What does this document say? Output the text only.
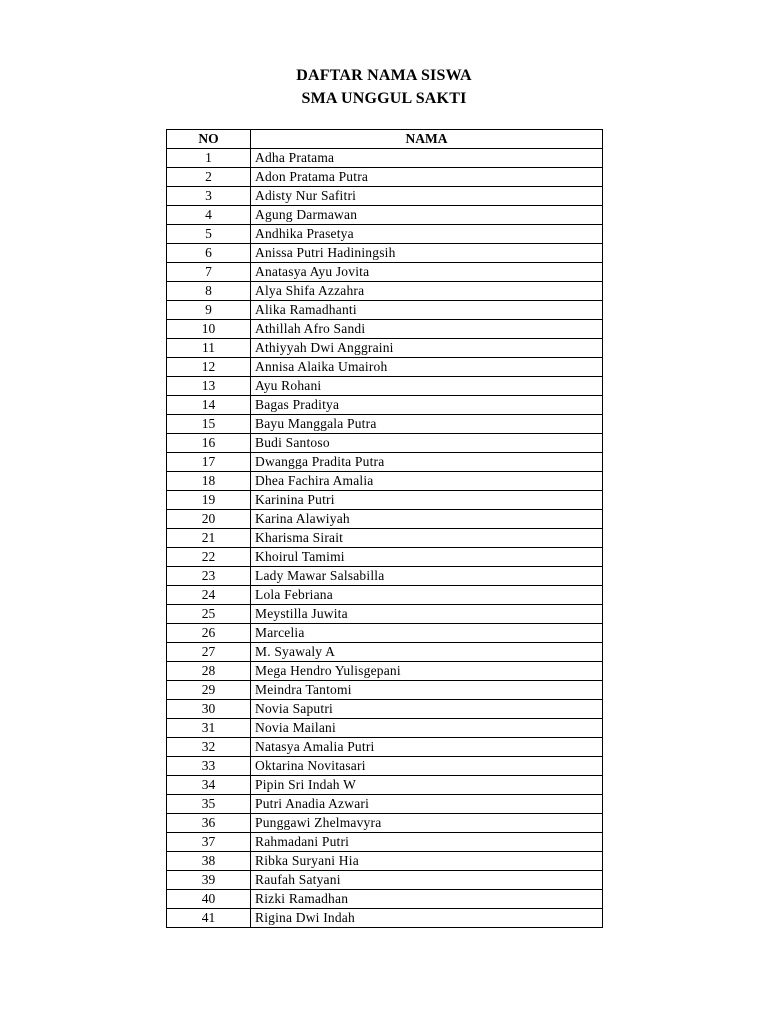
DAFTAR NAMA SISWA
SMA UNGGUL SAKTI
NO	NAMA
1	Adha Pratama
2	Adon Pratama Putra
3	Adisty Nur Safitri
4	Agung Darmawan
5	Andhika Prasetya
6	Anissa Putri Hadiningsih
7	Anatasya Ayu Jovita
8	Alya Shifa Azzahra
9	Alika Ramadhanti
10	Athillah Afro Sandi
11	Athiyyah Dwi Anggraini
12	Annisa Alaika Umairoh
13	Ayu Rohani
14	Bagas Praditya
15	Bayu Manggala Putra
16	Budi Santoso
17	Dwangga Pradita Putra
18	Dhea Fachira Amalia
19	Karinina Putri
20	Karina Alawiyah
21	Kharisma Sirait
22	Khoirul Tamimi
23	Lady Mawar Salsabilla
24	Lola Febriana
25	Meystilla Juwita
26	Marcelia
27	M. Syawaly A
28	Mega Hendro Yulisgepani
29	Meindra Tantomi
30	Novia Saputri
31	Novia Mailani
32	Natasya Amalia Putri
33	Oktarina Novitasari
34	Pipin Sri Indah W
35	Putri Anadia Azwari
36	Punggawi Zhelmavyra
37	Rahmadani Putri
38	Ribka Suryani Hia
39	Raufah Satyani
40	Rizki Ramadhan
41	Rigina Dwi Indah
